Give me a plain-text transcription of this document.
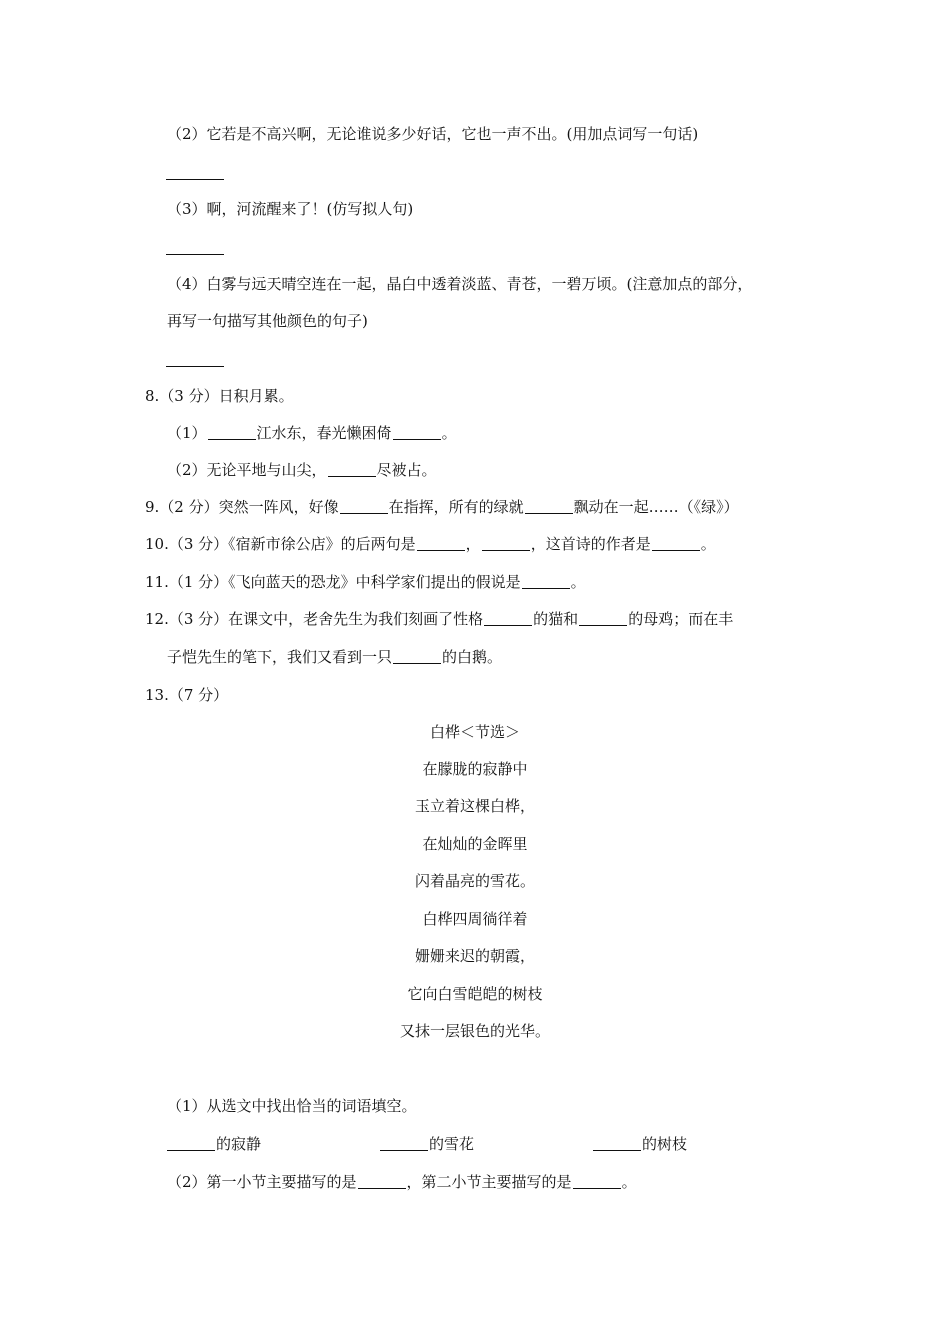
（2）它若是不高兴啊，无论谁说多少好话，它也一声不出。(用加点词写一句话)
（3）啊，河流醒来了！(仿写拟人句)
（4）白雾与远天晴空连在一起，晶白中透着淡蓝、青苍，一碧万顷。(注意加点的部分，
再写一句描写其他颜色的句子)
8.（3 分）日积月累。
（1）	江水东，春光懒困倚	。
（2）无论平地与山尖，	尽被占。
9.（2 分）突然一阵风，好像	在指挥，所有的绿就	飘动在一起……（《绿》）
10.（3 分）《宿新市徐公店》的后两句是	，	，这首诗的作者是	。
11.（1 分）《飞向蓝天的恐龙》中科学家们提出的假说是	。
12.（3 分）在课文中，老舍先生为我们刻画了性格	的猫和	的母鸡；而在丰
子恺先生的笔下，我们又看到一只	的白鹅。
13.（7 分）
白桦＜节选＞
在朦胧的寂静中
玉立着这棵白桦，
在灿灿的金晖里
闪着晶亮的雪花。
白桦四周徜徉着
姗姗来迟的朝霞，
它向白雪皑皑的树枝
又抹一层银色的光华。
（1）从选文中找出恰当的词语填空。
的寂静	的雪花	的树枝
（2）第一小节主要描写的是	，第二小节主要描写的是	。
